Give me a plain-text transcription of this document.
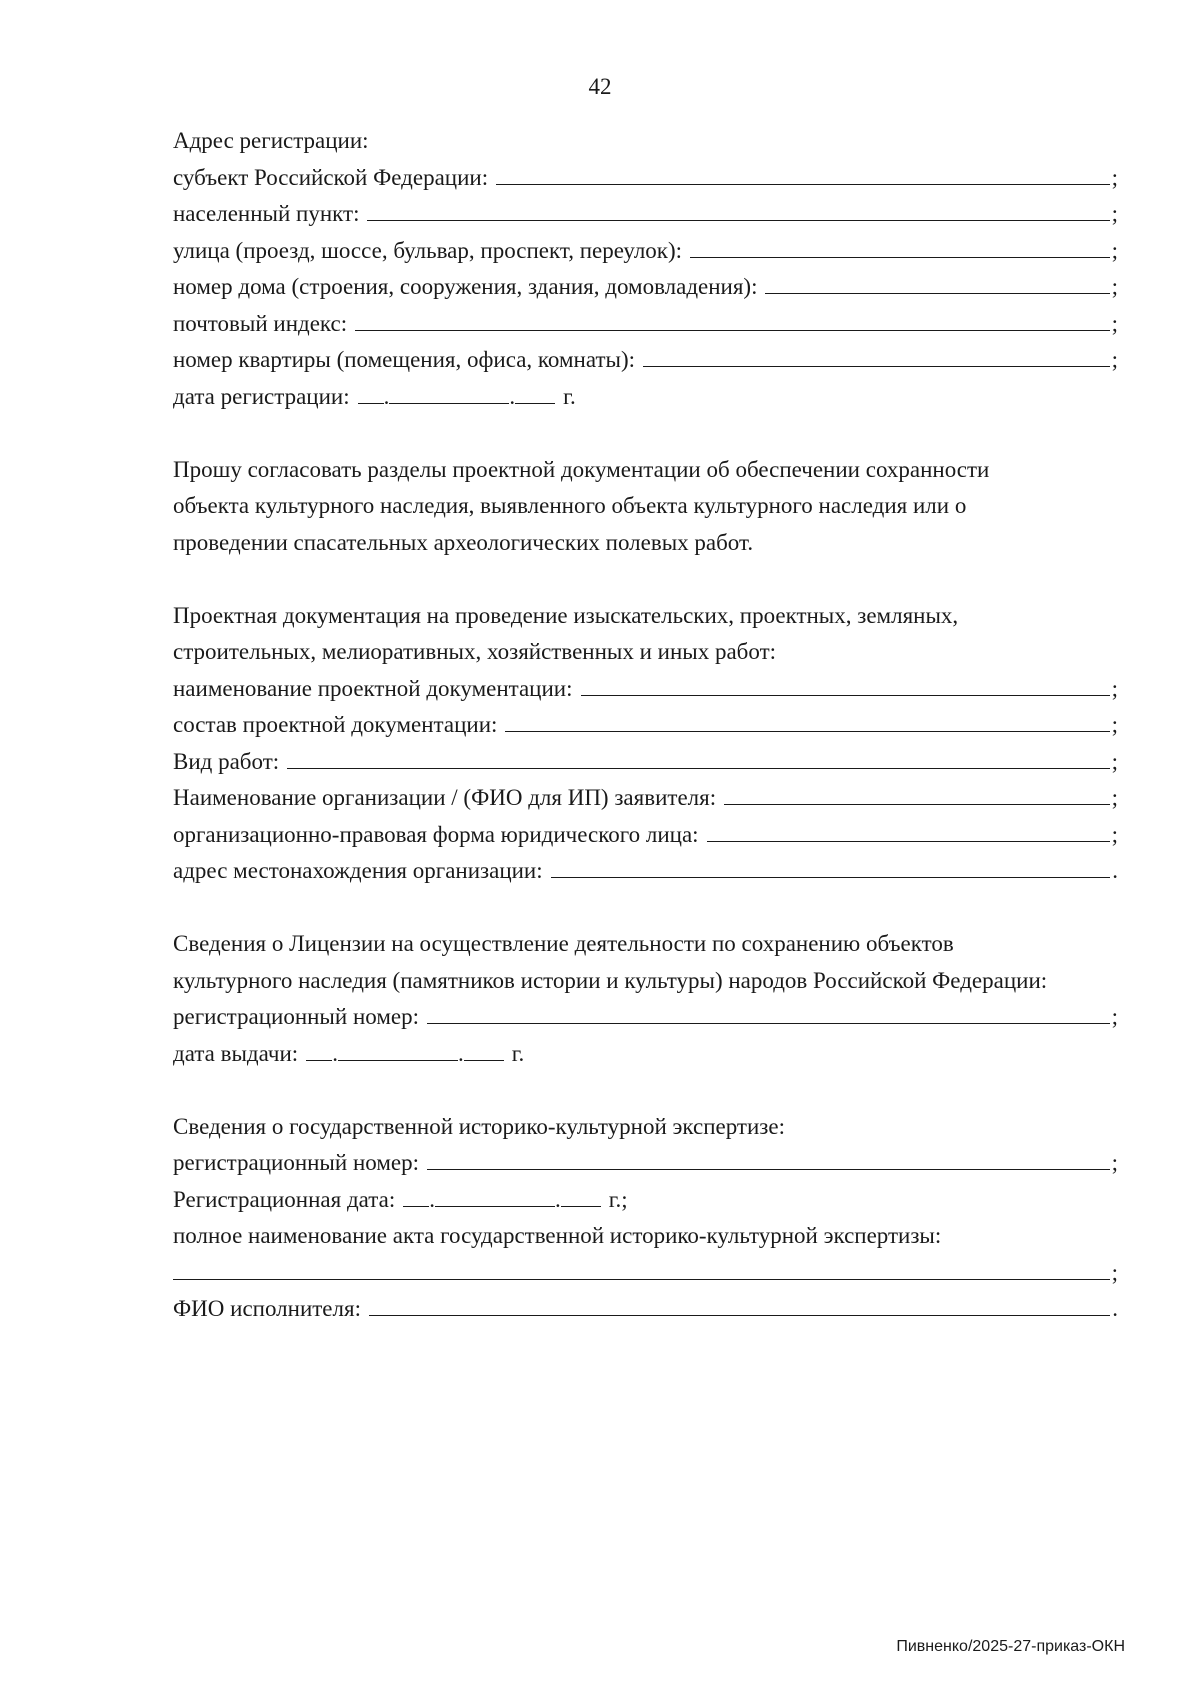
42
Адрес регистрации:
субъект Российской Федерации:	;
населенный пункт:	;
улица (проезд, шоссе, бульвар, проспект, переулок):	;
номер дома (строения, сооружения, здания, домовладения):	;
почтовый индекс:	;
номер квартиры (помещения, офиса, комнаты):	;
дата регистрации: .	. г.
Прошу согласовать разделы проектной документации об обеспечении сохранности
объекта культурного наследия, выявленного объекта культурного наследия или о
проведении спасательных археологических полевых работ.
Проектная документация на проведение изыскательских, проектных, земляных,
строительных, мелиоративных, хозяйственных и иных работ:
наименование проектной документации:	;
состав проектной документации:	;
Вид работ:	;
Наименование организации / (ФИО для ИП) заявителя:	;
организационно-правовая форма юридического лица:	;
адрес местонахождения организации:	.
Сведения о Лицензии на осуществление деятельности по сохранению объектов
культурного наследия (памятников истории и культуры) народов Российской Федерации:
регистрационный номер:	;
дата выдачи: .	. г.
Сведения о государственной историко-культурной экспертизе:
регистрационный номер:	;
Регистрационная дата: .	. г.;
полное наименование акта государственной историко-культурной экспертизы:
;
ФИО исполнителя:	.
Пивненко/2025-27-приказ-ОКН
